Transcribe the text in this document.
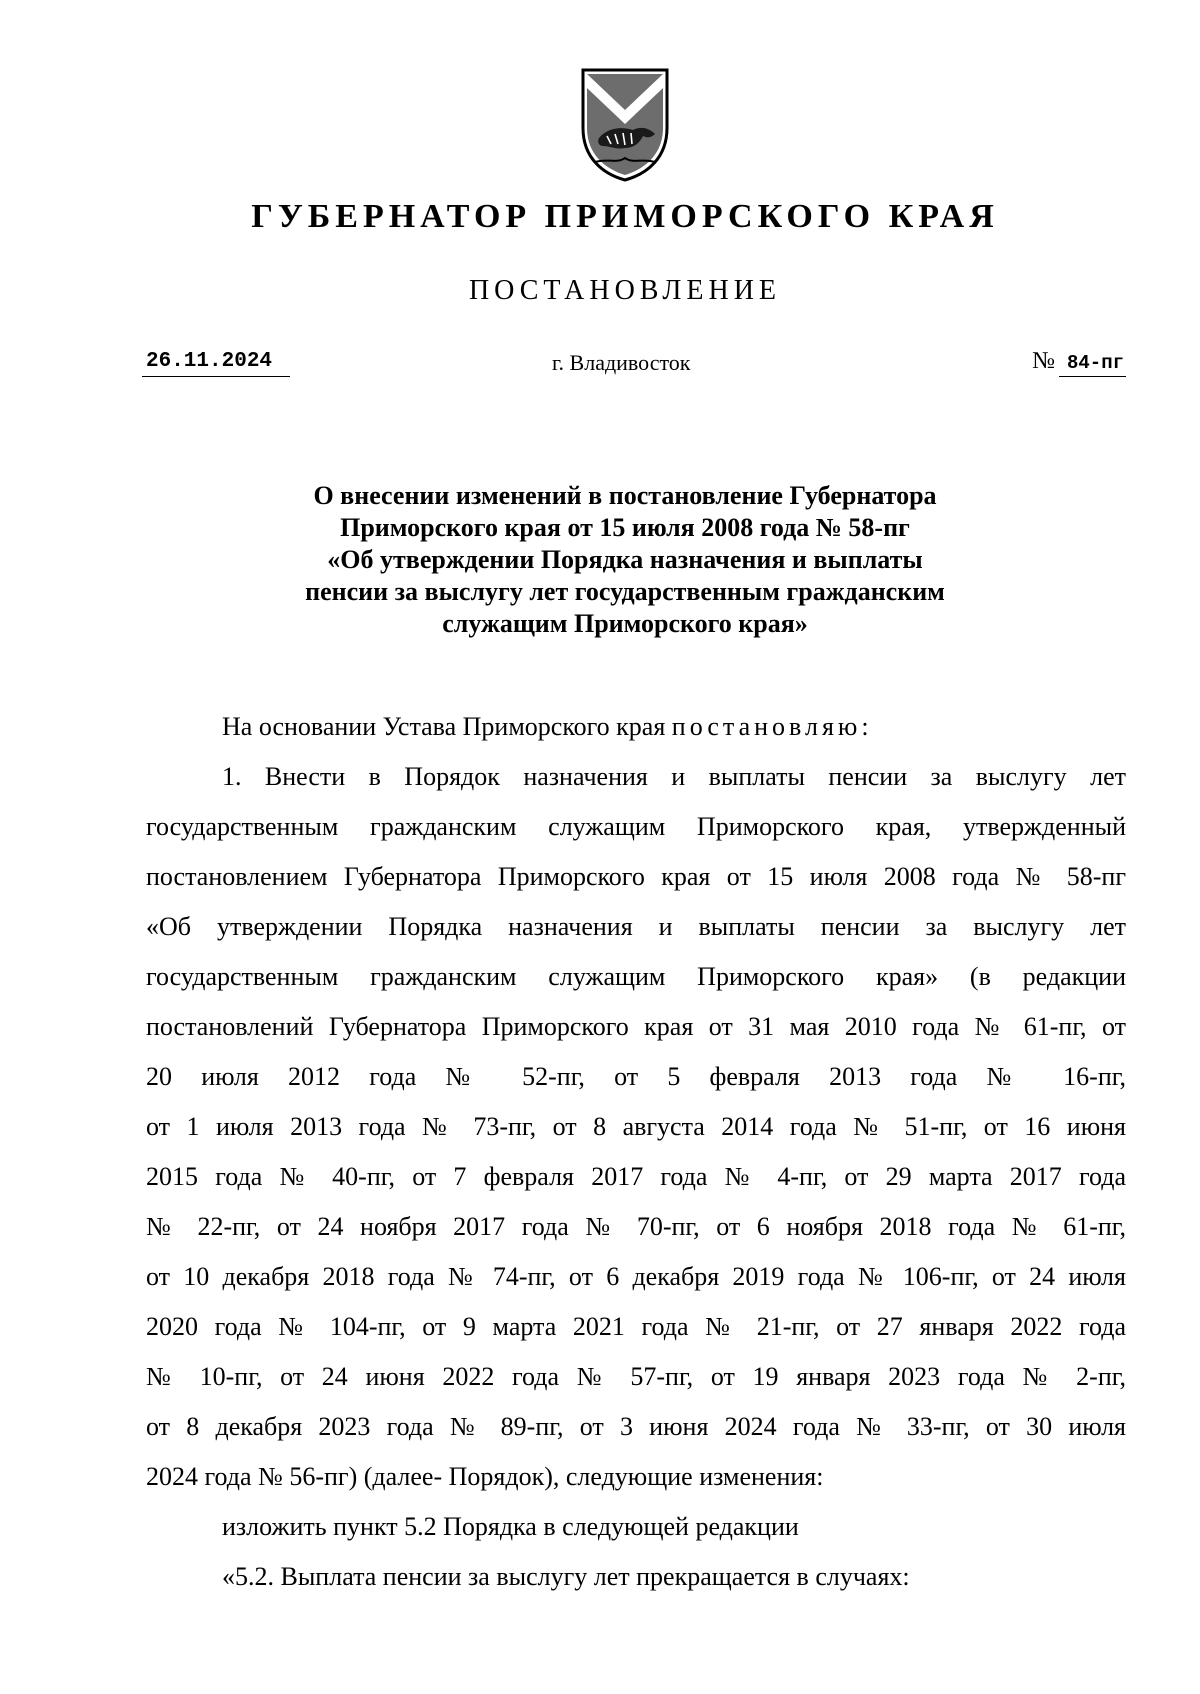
ГУБЕРНАТОР ПРИМОРСКОГО КРАЯ
ПОСТАНОВЛЕНИЕ
26.11.2024	г. Владивосток	№ 84-пг
О внесении изменений в постановление Губернатора
Приморского края от 15 июля 2008 года № 58-пг
«Об утверждении Порядка назначения и выплаты
пенсии за выслугу лет государственным гражданским
служащим Приморского края»

На основании Устава Приморского края постановляю:

1. Внести в Порядок назначения и выплаты пенсии за выслугу лет
государственным гражданским служащим Приморского края, утвержденный
постановлением Губернатора Приморского края от 15 июля 2008 года № 58-пг
«Об утверждении Порядка назначения и выплаты пенсии за выслугу лет
государственным гражданским служащим Приморского края» (в редакции
постановлений Губернатора Приморского края от 31 мая 2010 года № 61-пг, от
20 июля 2012 года № 52-пг, от 5 февраля 2013 года № 16-пг,
от 1 июля 2013 года № 73-пг, от 8 августа 2014 года № 51-пг, от 16 июня
2015 года № 40-пг, от 7 февраля 2017 года № 4-пг, от 29 марта 2017 года
№ 22-пг, от 24 ноября 2017 года № 70-пг, от 6 ноября 2018 года № 61-пг,
от 10 декабря 2018 года № 74-пг, от 6 декабря 2019 года № 106-пг, от 24 июля
2020 года № 104-пг, от 9 марта 2021 года № 21-пг, от 27 января 2022 года
№ 10-пг, от 24 июня 2022 года № 57-пг, от 19 января 2023 года № 2-пг,
от 8 декабря 2023 года № 89-пг, от 3 июня 2024 года № 33-пг, от 30 июля
2024 года № 56-пг) (далее- Порядок), следующие изменения:
изложить пункт 5.2 Порядка в следующей редакции
«5.2. Выплата пенсии за выслугу лет прекращается в случаях:
